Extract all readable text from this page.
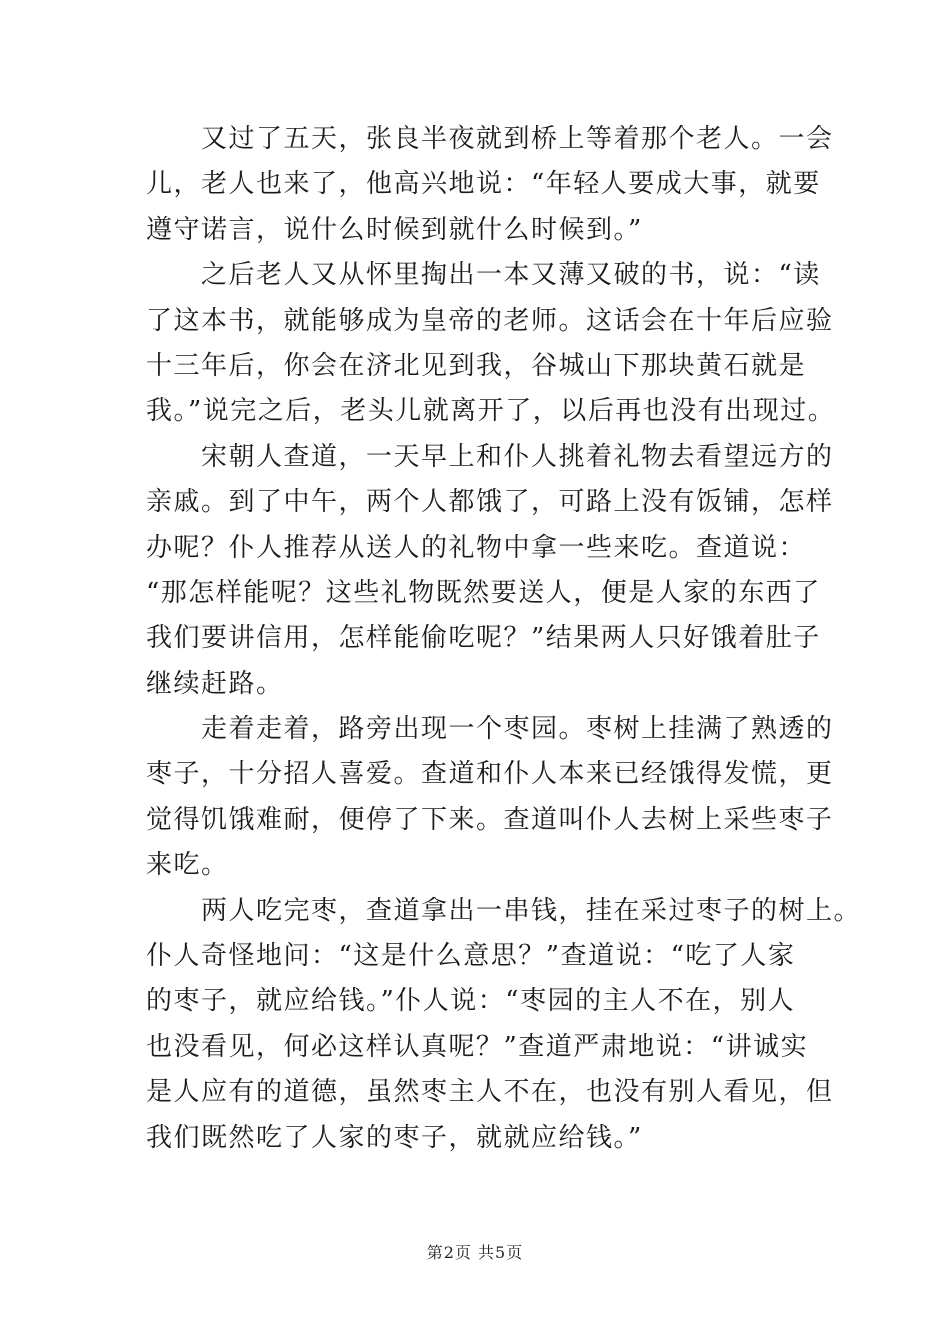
　　又过了五天，张良半夜就到桥上等着那个老人。一会
儿，老人也来了，他高兴地说：“年轻人要成大事，就要
遵守诺言，说什么时候到就什么时候到。”
　　之后老人又从怀里掏出一本又薄又破的书，说：“读
了这本书，就能够成为皇帝的老师。这话会在十年后应验
十三年后，你会在济北见到我，谷城山下那块黄石就是
我。”说完之后，老头儿就离开了，以后再也没有出现过。
　　宋朝人查道，一天早上和仆人挑着礼物去看望远方的
亲戚。到了中午，两个人都饿了，可路上没有饭铺，怎样
办呢？仆人推荐从送人的礼物中拿一些来吃。查道说：
“那怎样能呢？这些礼物既然要送人，便是人家的东西了
我们要讲信用，怎样能偷吃呢？”结果两人只好饿着肚子
继续赶路。
　　走着走着，路旁出现一个枣园。枣树上挂满了熟透的
枣子，十分招人喜爱。查道和仆人本来已经饿得发慌，更
觉得饥饿难耐，便停了下来。查道叫仆人去树上采些枣子
来吃。
　　两人吃完枣，查道拿出一串钱，挂在采过枣子的树上。
仆人奇怪地问：“这是什么意思？”查道说：“吃了人家
的枣子，就应给钱。”仆人说：“枣园的主人不在，别人
也没看见，何必这样认真呢？”查道严肃地说：“讲诚实
是人应有的道德，虽然枣主人不在，也没有别人看见，但
我们既然吃了人家的枣子，就就应给钱。”
第2页 共5页
